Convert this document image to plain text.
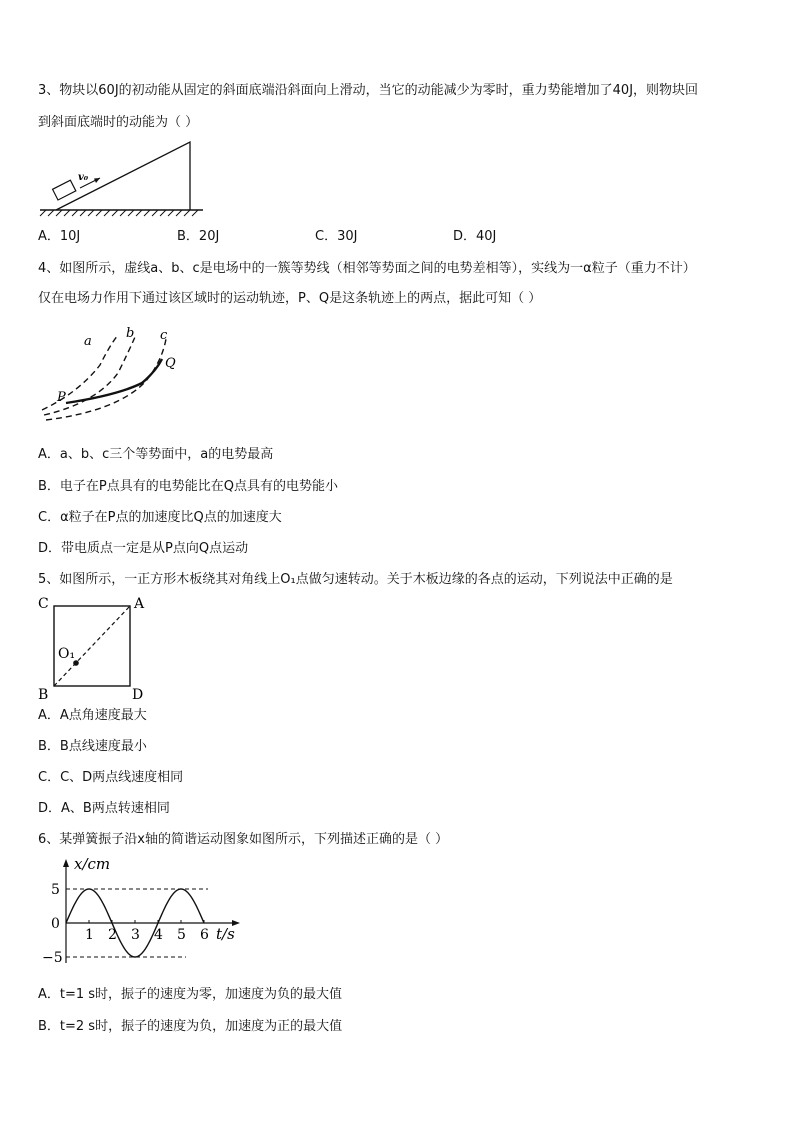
3、物块以60J的初动能从固定的斜面底端沿斜面向上滑动，当它的动能减少为零时，重力势能增加了40J，则物块回
到斜面底端时的动能为（ ）
v₀
A．10J	B．20J	C．30J	D．40J
4、如图所示，虚线a、b、c是电场中的一簇等势线（相邻等势面之间的电势差相等），实线为一α粒子（重力不计）
仅在电场力作用下通过该区域时的运动轨迹，P、Q是这条轨迹上的两点，据此可知（ ）
a
b c
P
Q
A．a、b、c三个等势面中，a的电势最高
B．电子在P点具有的电势能比在Q点具有的电势能小
C．α粒子在P点的加速度比Q点的加速度大
D．带电质点一定是从P点向Q点运动
5、如图所示，一正方形木板绕其对角线上O₁点做匀速转动。关于木板边缘的各点的运动，下列说法中正确的是
C	A
B	D
O₁
A．A点角速度最大
B．B点线速度最小
C．C、D两点线速度相同
D．A、B两点转速相同
6、某弹簧振子沿x轴的简谐运动图象如图所示，下列描述正确的是（ ）
1 2 3 4 5 6
x/cm
t/s
5
0
−5
A．t=1 s时，振子的速度为零，加速度为负的最大值
B．t=2 s时，振子的速度为负，加速度为正的最大值
